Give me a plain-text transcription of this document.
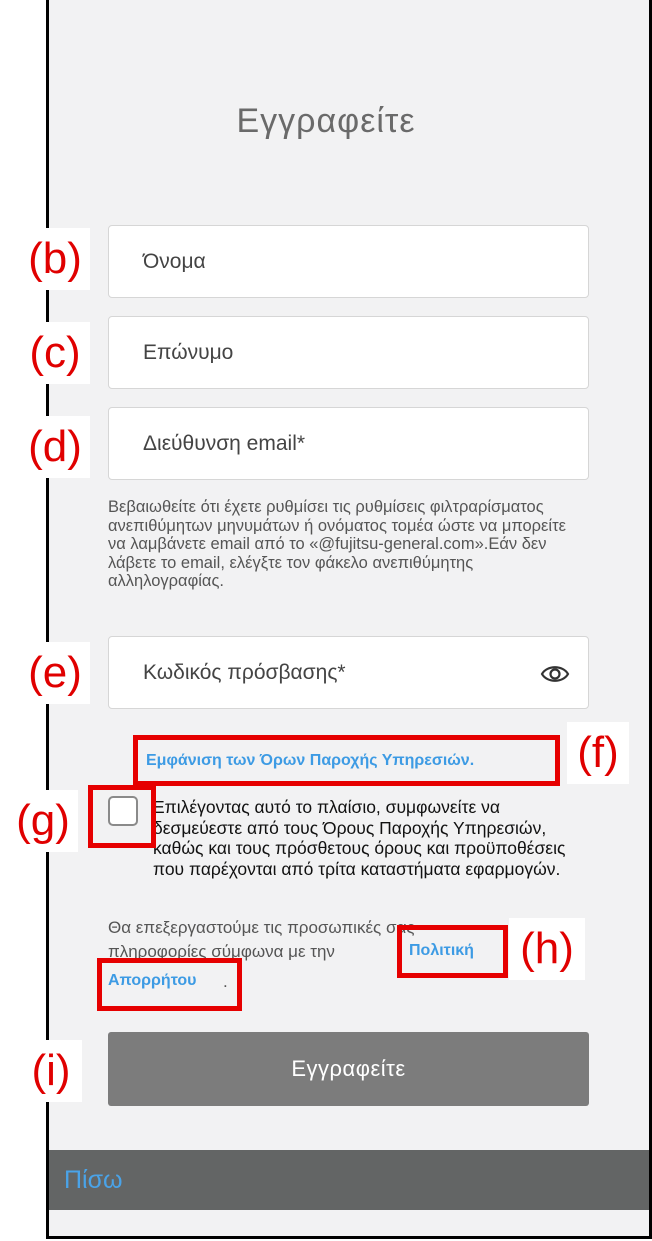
Εγγραφείτε
Όνομα
Επώνυμο
Διεύθυνση email*
Βεβαιωθείτε ότι έχετε ρυθμίσει τις ρυθμίσεις φιλτραρίσματος ανεπιθύμητων μηνυμάτων ή ονόματος τομέα ώστε να μπορείτε να λαμβάνετε email από το «@fujitsu-general.com».Εάν δεν λάβετε το email, ελέγξτε τον φάκελο ανεπιθύμητης αλληλογραφίας.
Κωδικός πρόσβασης*
Εμφάνιση των Όρων Παροχής Υπηρεσιών.
Επιλέγοντας αυτό το πλαίσιο, συμφωνείτε να δεσμεύεστε από τους Όρους Παροχής Υπηρεσιών, καθώς και τους πρόσθετους όρους και προϋποθέσεις που παρέχονται από τρίτα καταστήματα εφαρμογών.
Θα επεξεργαστούμε τις προσωπικές σας πληροφορίες σύμφωνα με την	Πολιτική
Απορρήτου .
Εγγραφείτε
Πίσω
(b)
(c)
(d)
(e)
(f)
(g)
(h)
(i)
